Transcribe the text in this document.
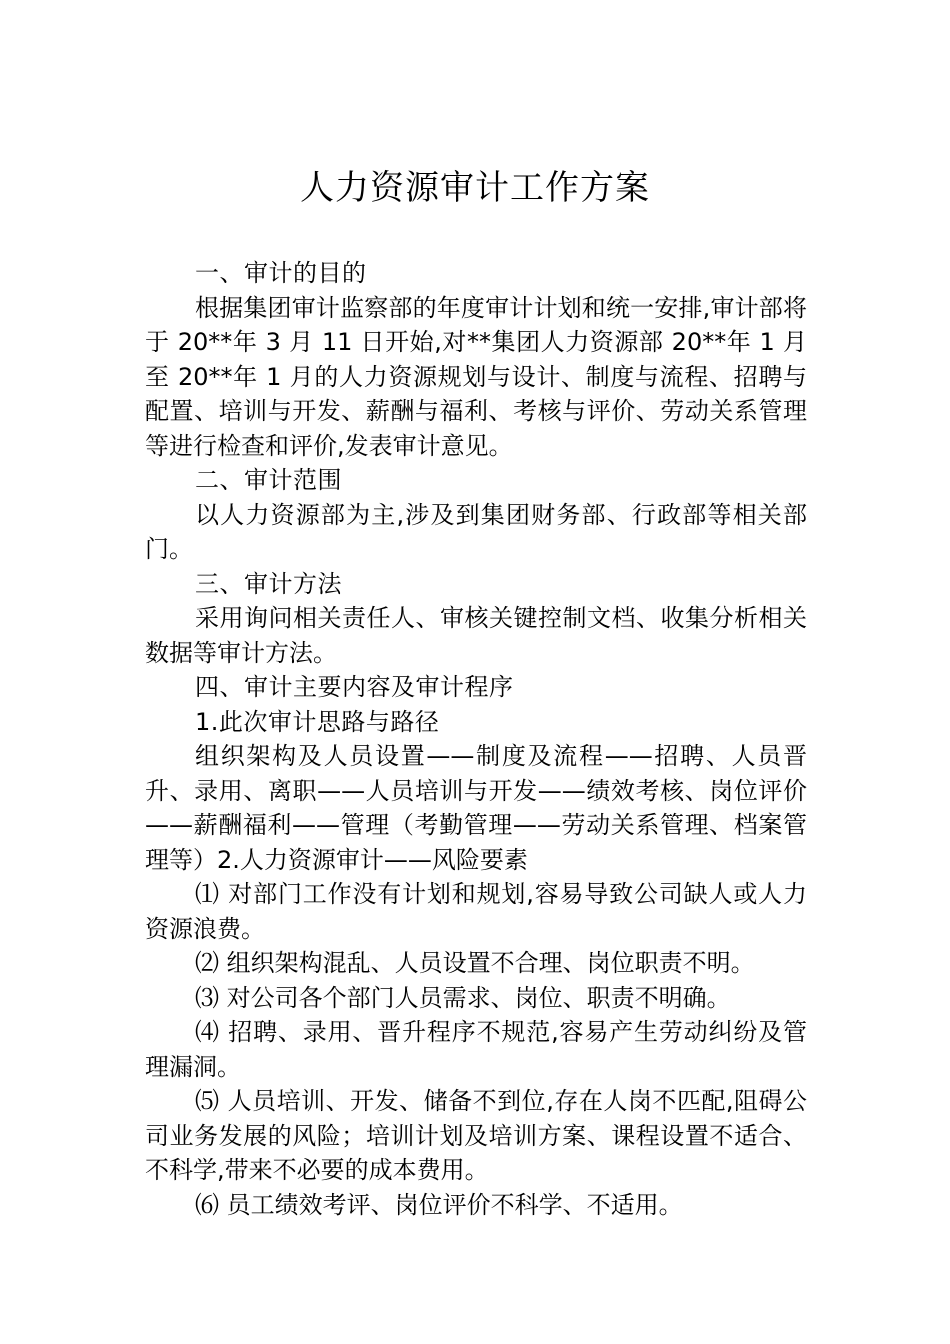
人力资源审计工作方案

一、审计的目的

根据集团审计监察部的年度审计计划和统一安排,审计部将于 20**年 3 月 11 日开始,对**集团人力资源部 20**年 1 月至 20**年 1 月的人力资源规划与设计、制度与流程、招聘与配置、培训与开发、薪酬与福利、考核与评价、劳动关系管理等进行检查和评价,发表审计意见。

二、审计范围

以人力资源部为主,涉及到集团财务部、行政部等相关部门。

三、审计方法

采用询问相关责任人、审核关键控制文档、收集分析相关数据等审计方法。

四、审计主要内容及审计程序

1.此次审计思路与路径

组织架构及人员设置——制度及流程——招聘、人员晋升、录用、离职——人员培训与开发——绩效考核、岗位评价——薪酬福利——管理（考勤管理——劳动关系管理、档案管理等）2.人力资源审计——风险要素

⑴ 对部门工作没有计划和规划,容易导致公司缺人或人力资源浪费。

⑵ 组织架构混乱、人员设置不合理、岗位职责不明。

⑶ 对公司各个部门人员需求、岗位、职责不明确。

⑷ 招聘、录用、晋升程序不规范,容易产生劳动纠纷及管理漏洞。

⑸ 人员培训、开发、储备不到位,存在人岗不匹配,阻碍公司业务发展的风险；培训计划及培训方案、课程设置不适合、不科学,带来不必要的成本费用。

⑹ 员工绩效考评、岗位评价不科学、不适用。
